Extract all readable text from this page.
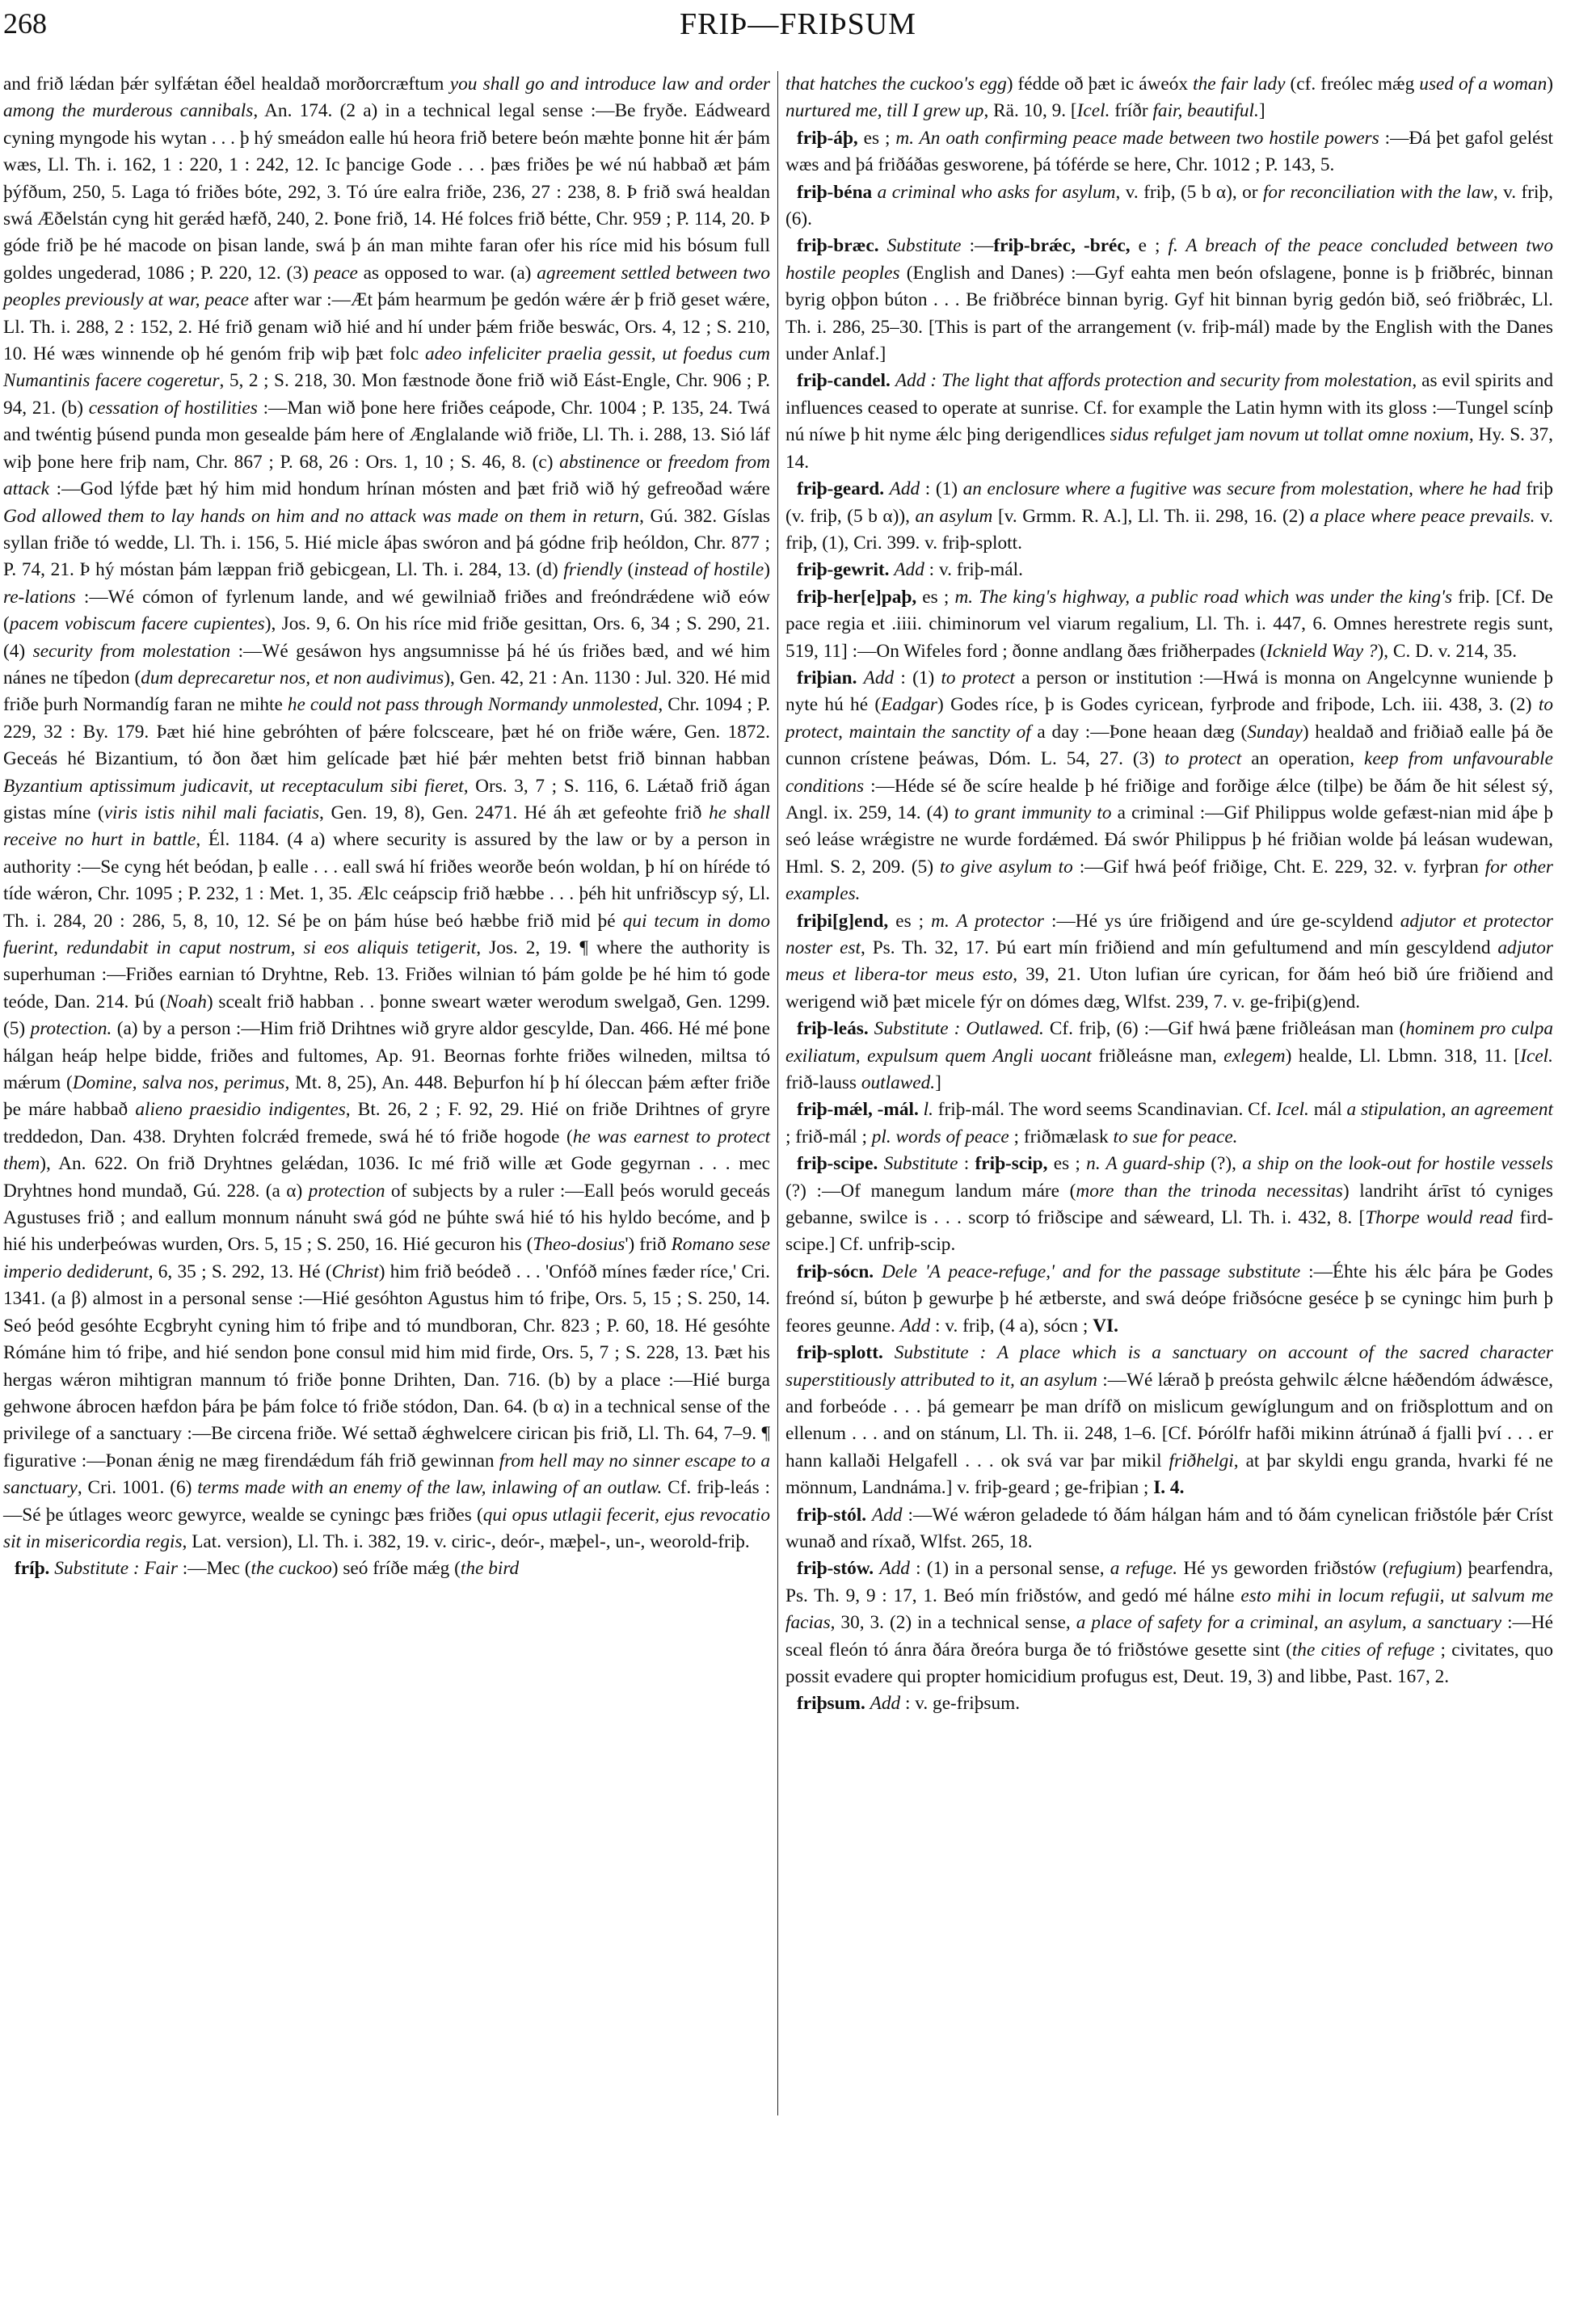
268	FRIÞ—FRIÞSUM

and frið lǽdan þǽr sylfǽtan éðel healdað morðorcræftum you shall go and introduce law and order among the murderous cannibals, An. 174. (2 a) in a technical legal sense :—Be fryðe. Eádweard cyning myngode his wytan . . . þ hý smeádon ealle hú heora frið betere beón mæhte þonne hit ǽr þám wæs, Ll. Th. i. 162, 1 : 220, 1 : 242, 12. Ic þancige Gode . . . þæs friðes þe wé nú habbað æt þám þýfðum, 250, 5. Laga tó friðes bóte, 292, 3. Tó úre ealra friðe, 236, 27 : 238, 8. Þ frið swá healdan swá Æðelstán cyng hit gerǽd hæfð, 240, 2. Þone frið, 14. Hé folces frið bétte, Chr. 959 ; P. 114, 20. Þ góde frið þe hé macode on þisan lande, swá þ án man mihte faran ofer his ríce mid his bósum full goldes ungederad, 1086 ; P. 220, 12. (3) peace as opposed to war. (a) agreement settled between two peoples previously at war, peace after war :—Æt þám hearmum þe gedón wǽre ǽr þ frið geset wǽre, Ll. Th. i. 288, 2 : 152, 2. Hé frið genam wið hié and hí under þǽm friðe beswác, Ors. 4, 12 ; S. 210, 10. Hé wæs winnende oþ hé genóm friþ wiþ þæt folc adeo infeliciter praelia gessit, ut foedus cum Numantinis facere cogeretur, 5, 2 ; S. 218, 30. Mon fæstnode ðone frið wið Eást-Engle, Chr. 906 ; P. 94, 21. (b) cessation of hostilities :—Man wið þone here friðes ceápode, Chr. 1004 ; P. 135, 24. Twá and twéntig þúsend punda mon gesealde þám here of Ænglalande wið friðe, Ll. Th. i. 288, 13. Sió láf wiþ þone here friþ nam, Chr. 867 ; P. 68, 26 : Ors. 1, 10 ; S. 46, 8. (c) abstinence or freedom from attack :—God lýfde þæt hý him mid hondum hrínan mósten and þæt frið wið hý gefreoðad wǽre God allowed them to lay hands on him and no attack was made on them in return, Gú. 382. Gíslas syllan friðe tó wedde, Ll. Th. i. 156, 5. Hié micle áþas swóron and þá gódne friþ heóldon, Chr. 877 ; P. 74, 21. Þ hý móstan þám læppan frið gebicgean, Ll. Th. i. 284, 13. (d) friendly (instead of hostile) re-lations :—Wé cómon of fyrlenum lande, and wé gewilniað friðes and freóndrǽdene wið eów (pacem vobiscum facere cupientes), Jos. 9, 6. On his ríce mid friðe gesittan, Ors. 6, 34 ; S. 290, 21. (4) security from molestation :—Wé gesáwon hys angsumnisse þá hé ús friðes bæd, and wé him nánes ne tíþedon (dum deprecaretur nos, et non audivimus), Gen. 42, 21 : An. 1130 : Jul. 320. Hé mid friðe þurh Normandíg faran ne mihte he could not pass through Normandy unmolested, Chr. 1094 ; P. 229, 32 : By. 179. Þæt hié hine gebróhten of þǽre folcsceare, þæt hé on friðe wǽre, Gen. 1872. Geceás hé Bizantium, tó ðon ðæt him gelícade þæt hié þǽr mehten betst frið binnan habban Byzantium aptissimum judicavit, ut receptaculum sibi fieret, Ors. 3, 7 ; S. 116, 6. Lǽtað frið ágan gistas míne (viris istis nihil mali faciatis, Gen. 19, 8), Gen. 2471. Hé áh æt gefeohte frið he shall receive no hurt in battle, Él. 1184. (4 a) where security is assured by the law or by a person in authority :—Se cyng hét beódan, þ ealle . . . eall swá hí friðes weorðe beón woldan, þ hí on híréde tó tíde wǽron, Chr. 1095 ; P. 232, 1 : Met. 1, 35. Ælc ceápscip frið hæbbe . . . þéh hit unfriðscyp sý, Ll. Th. i. 284, 20 : 286, 5, 8, 10, 12. Sé þe on þám húse beó hæbbe frið mid þé qui tecum in domo fuerint, redundabit in caput nostrum, si eos aliquis tetigerit, Jos. 2, 19. ¶ where the authority is superhuman :—Friðes earnian tó Dryhtne, Reb. 13. Friðes wilnian tó þám golde þe hé him tó gode teóde, Dan. 214. Þú (Noah) scealt frið habban . . þonne sweart wæter werodum swelgað, Gen. 1299. (5) protection. (a) by a person :—Him frið Drihtnes wið gryre aldor gescylde, Dan. 466. Hé mé þone hálgan heáp helpe bidde, friðes and fultomes, Ap. 91. Beornas forhte friðes wilneden, miltsa tó mǽrum (Domine, salva nos, perimus, Mt. 8, 25), An. 448. Beþurfon hí þ hí óleccan þǽm æfter friðe þe máre habbað alieno praesidio indigentes, Bt. 26, 2 ; F. 92, 29. Hié on friðe Drihtnes of gryre treddedon, Dan. 438. Dryhten folcrǽd fremede, swá hé tó friðe hogode (he was earnest to protect them), An. 622. On frið Dryhtnes gelǽdan, 1036. Ic mé frið wille æt Gode gegyrnan . . . mec Dryhtnes hond mundað, Gú. 228. (a α) protection of subjects by a ruler :—Eall þeós woruld geceás Agustuses frið ; and eallum monnum nánuht swá gód ne þúhte swá hié tó his hyldo becóme, and þ hié his underþeówas wurden, Ors. 5, 15 ; S. 250, 16. Hié gecuron his (Theo-dosius') frið Romano sese imperio dediderunt, 6, 35 ; S. 292, 13. Hé (Christ) him frið beódeð . . . 'Onfóð mínes fæder ríce,' Cri. 1341. (a β) almost in a personal sense :—Hié gesóhton Agustus him tó friþe, Ors. 5, 15 ; S. 250, 14. Seó þeód gesóhte Ecgbryht cyning him tó friþe and tó mundboran, Chr. 823 ; P. 60, 18. Hé gesóhte Rómáne him tó friþe, and hié sendon þone consul mid him mid firde, Ors. 5, 7 ; S. 228, 13. Þæt his hergas wǽron mihtigran mannum tó friðe þonne Drihten, Dan. 716. (b) by a place :—Hié burga gehwone ábrocen hæfdon þára þe þám folce tó friðe stódon, Dan. 64. (b α) in a technical sense of the privilege of a sanctuary :—Be circena friðe. Wé settað ǽghwelcere cirican þis frið, Ll. Th. 64, 7–9. ¶ figurative :—Þonan ǽnig ne mæg firendǽdum fáh frið gewinnan from hell may no sinner escape to a sanctuary, Cri. 1001. (6) terms made with an enemy of the law, inlawing of an outlaw. Cf. friþ-leás :—Sé þe útlages weorc gewyrce, wealde se cyningc þæs friðes (qui opus utlagii fecerit, ejus revocatio sit in misericordia regis, Lat. version), Ll. Th. i. 382, 19. v. ciric-, deór-, mæþel-, un-, weorold-friþ.

fríþ. Substitute : Fair :—Mec (the cuckoo) seó fríðe mǽg (the bird

that hatches the cuckoo's egg) fédde oð þæt ic áweóx the fair lady (cf. freólec mǽg used of a woman) nurtured me, till I grew up, Rä. 10, 9. [Icel. fríðr fair, beautiful.]

friþ-áþ, es ; m. An oath confirming peace made between two hostile powers :—Ðá þet gafol gelést wæs and þá friðáðas gesworene, þá tóférde se here, Chr. 1012 ; P. 143, 5.

friþ-béna a criminal who asks for asylum, v. friþ, (5 b α), or for reconciliation with the law, v. friþ, (6).

friþ-bræc. Substitute :—friþ-brǽc, -bréc, e ; f. A breach of the peace concluded between two hostile peoples (English and Danes) :—Gyf eahta men beón ofslagene, þonne is þ friðbréc, binnan byrig oþþon búton . . . Be friðbréce binnan byrig. Gyf hit binnan byrig gedón bið, seó friðbrǽc, Ll. Th. i. 286, 25–30. [This is part of the arrangement (v. friþ-mál) made by the English with the Danes under Anlaf.]

friþ-candel. Add : The light that affords protection and security from molestation, as evil spirits and influences ceased to operate at sunrise. Cf. for example the Latin hymn with its gloss :—Tungel scínþ nú níwe þ hit nyme ǽlc þing derigendlices sidus refulget jam novum ut tollat omne noxium, Hy. S. 37, 14.

friþ-geard. Add : (1) an enclosure where a fugitive was secure from molestation, where he had friþ (v. friþ, (5 b α)), an asylum [v. Grmm. R. A.], Ll. Th. ii. 298, 16. (2) a place where peace prevails. v. friþ, (1), Cri. 399. v. friþ-splott.

friþ-gewrit. Add : v. friþ-mál.

friþ-her[e]paþ, es ; m. The king's highway, a public road which was under the king's friþ. [Cf. De pace regia et .iiii. chiminorum vel viarum regalium, Ll. Th. i. 447, 6. Omnes herestrete regis sunt, 519, 11] :—On Wifeles ford ; ðonne andlang ðæs friðherpades (Icknield Way ?), C. D. v. 214, 35.

friþian. Add : (1) to protect a person or institution :—Hwá is monna on Angelcynne wuniende þ nyte hú hé (Eadgar) Godes ríce, þ is Godes cyricean, fyrþrode and friþode, Lch. iii. 438, 3. (2) to protect, maintain the sanctity of a day :—Þone heaan dæg (Sunday) healdað and friðiað ealle þá ðe cunnon crístene þeáwas, Dóm. L. 54, 27. (3) to protect an operation, keep from unfavourable conditions :—Héde sé ðe scíre healde þ hé friðige and forðige ǽlce (tilþe) be ðám ðe hit sélest sý, Angl. ix. 259, 14. (4) to grant immunity to a criminal :—Gif Philippus wolde gefæst-nian mid áþe þ seó leáse wrǽgistre ne wurde fordǽmed. Ðá swór Philippus þ hé friðian wolde þá leásan wudewan, Hml. S. 2, 209. (5) to give asylum to :—Gif hwá þeóf friðige, Cht. E. 229, 32. v. fyrþran for other examples.

friþi[g]end, es ; m. A protector :—Hé ys úre friðigend and úre ge-scyldend adjutor et protector noster est, Ps. Th. 32, 17. Þú eart mín friðiend and mín gefultumend and mín gescyldend adjutor meus et libera-tor meus esto, 39, 21. Uton lufian úre cyrican, for ðám heó bið úre friðiend and werigend wið þæt micele fýr on dómes dæg, Wlfst. 239, 7. v. ge-friþi(g)end.

friþ-leás. Substitute : Outlawed. Cf. friþ, (6) :—Gif hwá þæne friðleásan man (hominem pro culpa exiliatum, expulsum quem Angli uocant friðleásne man, exlegem) healde, Ll. Lbmn. 318, 11. [Icel. frið-lauss outlawed.]

friþ-mǽl, -mál. l. friþ-mál. The word seems Scandinavian. Cf. Icel. mál a stipulation, an agreement ; frið-mál ; pl. words of peace ; friðmælask to sue for peace.

friþ-scipe. Substitute : friþ-scip, es ; n. A guard-ship (?), a ship on the look-out for hostile vessels (?) :—Of manegum landum máre (more than the trinoda necessitas) landriht árīst tó cyniges gebanne, swilce is . . . scorp tó friðscipe and sǽweard, Ll. Th. i. 432, 8. [Thorpe would read fird-scipe.] Cf. unfriþ-scip.

friþ-sócn. Dele 'A peace-refuge,' and for the passage substitute :—Éhte his ǽlc þára þe Godes freónd sí, búton þ gewurþe þ hé ætberste, and swá deópe friðsócne gesécе þ se cyningc him þurh þ feores geunne. Add : v. friþ, (4 a), sócn ; VI.

friþ-splott. Substitute : A place which is a sanctuary on account of the sacred character superstitiously attributed to it, an asylum :—Wé lǽrað þ preósta gehwilc ǽlcne hǽðendóm ádwǽsce, and forbeóde . . . þá gemearr þe man drífð on mislicum gewíglungum and on friðsplottum and on ellenum . . . and on stánum, Ll. Th. ii. 248, 1–6. [Cf. Þórólfr hafði mikinn átrúnað á fjalli því . . . er hann kallaði Helgafell . . . ok svá var þar mikil friðhelgi, at þar skyldi engu granda, hvarki fé ne mönnum, Landnáma.] v. friþ-geard ; ge-friþian ; I. 4.

friþ-stól. Add :—Wé wǽron geladede tó ðám hálgan hám and tó ðám cynelican friðstóle þǽr Críst wunað and ríxað, Wlfst. 265, 18.

friþ-stów. Add : (1) in a personal sense, a refuge. Hé ys geworden friðstów (refugium) þearfendra, Ps. Th. 9, 9 : 17, 1. Beó mín friðstów, and gedó mé hálne esto mihi in locum refugii, ut salvum me facias, 30, 3. (2) in a technical sense, a place of safety for a criminal, an asylum, a sanctuary :—Hé sceal fleón tó ánra ðára ðreóra burga ðe tó friðstówe gesette sint (the cities of refuge ; civitates, quo possit evadere qui propter homicidium profugus est, Deut. 19, 3) and libbe, Past. 167, 2.

friþsum. Add : v. ge-friþsum.
